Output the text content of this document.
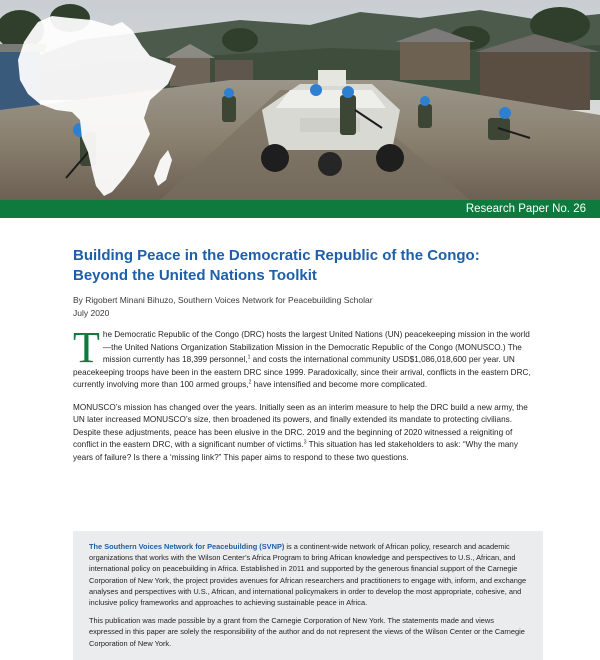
Research Paper No. 26
Building Peace in the Democratic Republic of the Congo:
Beyond the United Nations Toolkit
By Rigobert Minani Bihuzo, Southern Voices Network for Peacebuilding Scholar
July 2020

The Democratic Republic of the Congo (DRC) hosts the largest United Nations (UN) peacekeeping mission in the world—the United Nations Organization Stabilization Mission in the Democratic Republic of the Congo (MONUSCO.) The mission currently has 18,399 personnel,$^1$ and costs the international community USD$1,086,018,600 per year. UN peacekeeping troops have been in the eastern DRC since 1999. Paradoxically, since their arrival, conflicts in the eastern DRC, currently involving more than 100 armed groups,$^2$ have intensified and become more complicated.

MONUSCO’s mission has changed over the years. Initially seen as an interim measure to help the DRC build a new army, the UN later increased MONUSCO’s size, then broadened its powers, and finally extended its mandate to protecting civilians. Despite these adjustments, peace has been elusive in the DRC. 2019 and the beginning of 2020 witnessed a reigniting of conflict in the eastern DRC, with a significant number of victims.$^3$ This situation has led stakeholders to ask: “Why the many years of failure? Is there a ‘missing link?” This paper aims to respond to these two questions.

The Southern Voices Network for Peacebuilding (SVNP) is a continent-wide network of African policy, research and academic organizations that works with the Wilson Center’s Africa Program to bring African knowledge and perspectives to U.S., African, and international policy on peacebuilding in Africa. Established in 2011 and supported by the generous financial support of the Carnegie Corporation of New York, the project provides avenues for African researchers and practitioners to engage with, inform, and exchange analyses and perspectives with U.S., African, and international policymakers in order to develop the most appropriate, cohesive, and inclusive policy frameworks and approaches to achieving sustainable peace in Africa.

This publication was made possible by a grant from the Carnegie Corporation of New York. The statements made and views expressed in this paper are solely the responsibility of the author and do not represent the views of the Wilson Center or the Carnegie Corporation of New York.
